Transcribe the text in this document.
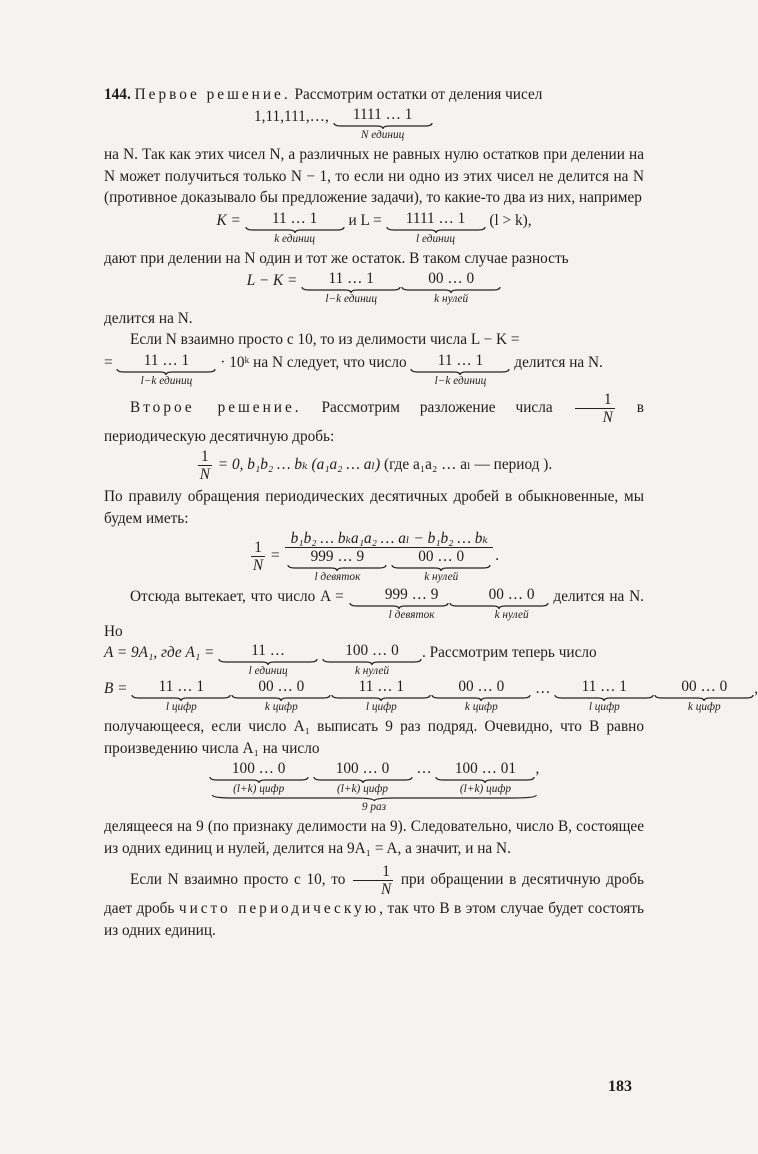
144. Первое решение. Рассмотрим остатки от деления чисел

1,11,111,…,	1111 … 1
N единиц

на N. Так как этих чисел N, а различных не равных нулю остатков при делении на N может получиться только N − 1, то если ни одно из этих чисел не делится на N (противное доказывало бы предложение задачи), то какие-то два из них, например

K =	11 … 1
k единиц
и L =	1111 … 1
l единиц
(l > k),

дают при делении на N один и тот же остаток. В таком случае разность

L − K =	11 … 1
l−k единиц
00 … 0
k нулей

делится на N.

Если N взаимно просто с 10, то из делимости числа L − K =

=	11 … 1
l−k единиц
· 10ᵏ на N следует, что число	11 … 1
l−k единиц
делится на N.

Второе решение. Рассмотрим разложение числа $\frac{1}{N}$ в периодическую десятичную дробь:

$\frac{1}{N} = 0$, b₁b₂ … bₖ (a₁a₂ … aₗ) (где a₁a₂ … aₗ — период ).

По правилу обращения периодических десятичных дробей в обыкновенные, мы будем иметь:

$\frac{1}{N}$ =
b₁b₂ … bₖa₁a₂ … aₗ − b₁b₂ … bₖ
999 … 9
l девяток

00 … 0
k нулей
.

Отсюда вытекает, что число A =	999 … 9
l девяток
00 … 0
k нулей
делится на N. Но

A = 9A₁, где A₁ =	11 …
l единиц

100 … 0
k нулей
. Рассмотрим теперь число

B =	11 … 1
l цифр
00 … 0
k цифр
11 … 1
l цифр
00 … 0
k цифр
…	11 … 1
l цифр
00 … 0
k цифр
,

получающееся, если число A₁ выписать 9 раз подряд. Очевидно, что B равно произведению числа A₁ на число

100 … 0
(l+k) цифр

100 … 0
(l+k) цифр
…	100 … 01
(l+k) цифр
,
9 раз

делящееся на 9 (по признаку делимости на 9). Следовательно, число B, состоящее из одних единиц и нулей, делится на 9A₁ = A, а значит, и на N.

Если N взаимно просто с 10, то $\frac{1}{N}$ при обращении в десятичную дробь дает дробь чисто периодическую, так что B в этом случае будет состоять из одних единиц.

183
